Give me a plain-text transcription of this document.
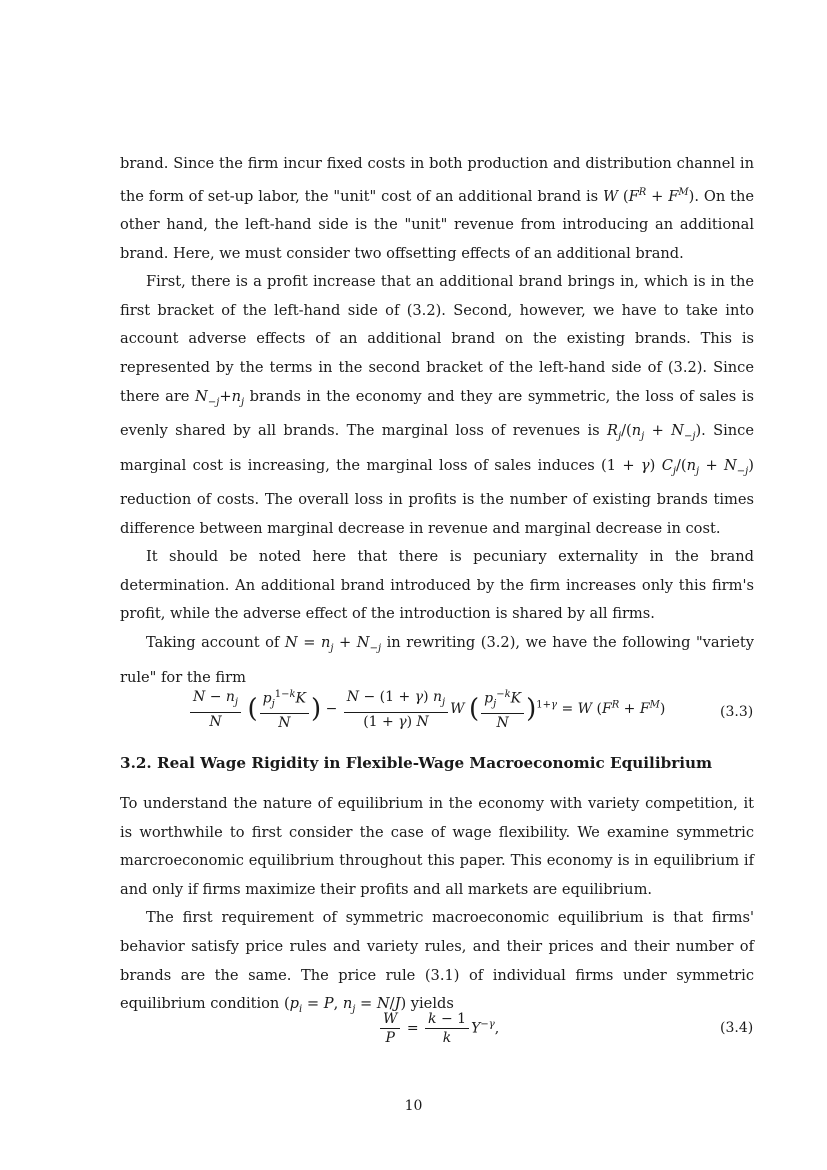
brand. Since the firm incur fixed costs in both production and distribution channel in the form of set-up labor, the "unit" cost of an additional brand is W $(F^R + F^M)$. On the other hand, the left-hand side is the "unit" revenue from introducing an additional brand. Here, we must consider two offsetting effects of an additional brand.

First, there is a profit increase that an additional brand brings in, which is in the first bracket of the left-hand side of (3.2). Second, however, we have to take into account adverse effects of an additional brand on the existing brands. This is represented by the terms in the second bracket of the left-hand side of (3.2). Since there are $N_{-j}+n_j$ brands in the economy and they are symmetric, the loss of sales is evenly shared by all brands. The marginal loss of revenues is $R_j/(n_j + N_{-j})$. Since marginal cost is increasing, the marginal loss of sales induces (1 + γ) $C_j/(n_j + N_{-j})$ reduction of costs. The overall loss in profits is the number of existing brands times difference between marginal decrease in revenue and marginal decrease in cost.

It should be noted here that there is pecuniary externality in the brand determination. An additional brand introduced by the firm increases only this firm's profit, while the adverse effect of the introduction is shared by all firms.

Taking account of $N = n_j + N_{-j}$ in rewriting (3.2), we have the following "variety rule" for the firm

$\frac{N - n_j}{N}$ ( $\frac{p_j^{1-k}K}{N}$ ) − $\frac{N - (1 + \gamma) n_j}{(1 + \gamma) N}$ W ( $\frac{p_j^{-k}K}{N} )^{1+\gamma} = W$ $(F^R + F^M)$	(3.3)
3.2. Real Wage Rigidity in Flexible-Wage Macroeconomic Equilibrium

To understand the nature of equilibrium in the economy with variety competition, it is worthwhile to first consider the case of wage flexibility. We examine symmetric marcroeconomic equilibrium throughout this paper. This economy is in equilibrium if and only if firms maximize their profits and all markets are equilibrium.

The first requirement of symmetric macroeconomic equilibrium is that firms' behavior satisfy price rules and variety rules, and their prices and their number of brands are the same. The price rule (3.1) of individual firms under symmetric equilibrium condition ($p_i = P$, $n_j = N/J$) yields

$\frac{W}{P} = \frac{k - 1}{k} Y^{-\gamma}$,	(3.4)
10
